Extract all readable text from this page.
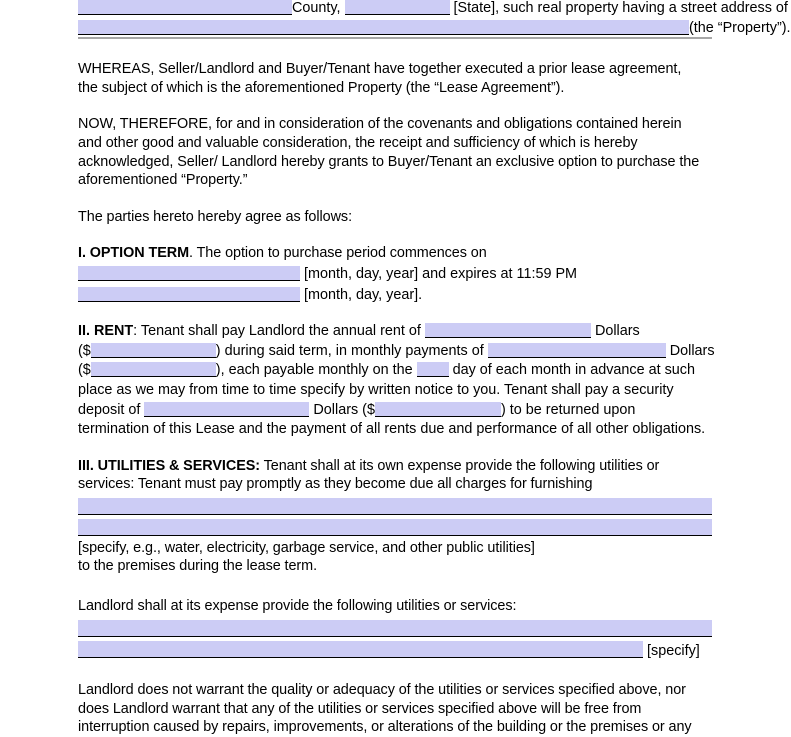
County,	[State], such real property having a street address of
(the “Property”).

WHEREAS, Seller/Landlord and Buyer/Tenant have together executed a prior lease agreement,
the subject of which is the aforementioned Property (the “Lease Agreement”).

NOW, THEREFORE, for and in consideration of the covenants and obligations contained herein
and other good and valuable consideration, the receipt and sufficiency of which is hereby
acknowledged, Seller/ Landlord hereby grants to Buyer/Tenant an exclusive option to purchase the
aforementioned “Property.”

The parties hereto hereby agree as follows:

I. OPTION TERM. The option to purchase period commences on

[month, day, year] and expires at 11:59 PM
[month, day, year].
II. RENT: Tenant shall pay Landlord the annual rent of	Dollars
($	) during said term, in monthly payments of	Dollars
($	), each payable monthly on the	day of each month in advance at such
place as we may from time to time specify by written notice to you. Tenant shall pay a security
deposit of	Dollars ($	) to be returned upon
termination of this Lease and the payment of all rents due and performance of all other obligations.

III. UTILITIES & SERVICES: Tenant shall at its own expense provide the following utilities or
services: Tenant must pay promptly as they become due all charges for furnishing

[specify, e.g., water, electricity, garbage service, and other public utilities]
to the premises during the lease term.

Landlord shall at its expense provide the following utilities or services:

[specify]

Landlord does not warrant the quality or adequacy of the utilities or services specified above, nor
does Landlord warrant that any of the utilities or services specified above will be free from
interruption caused by repairs, improvements, or alterations of the building or the premises or any
